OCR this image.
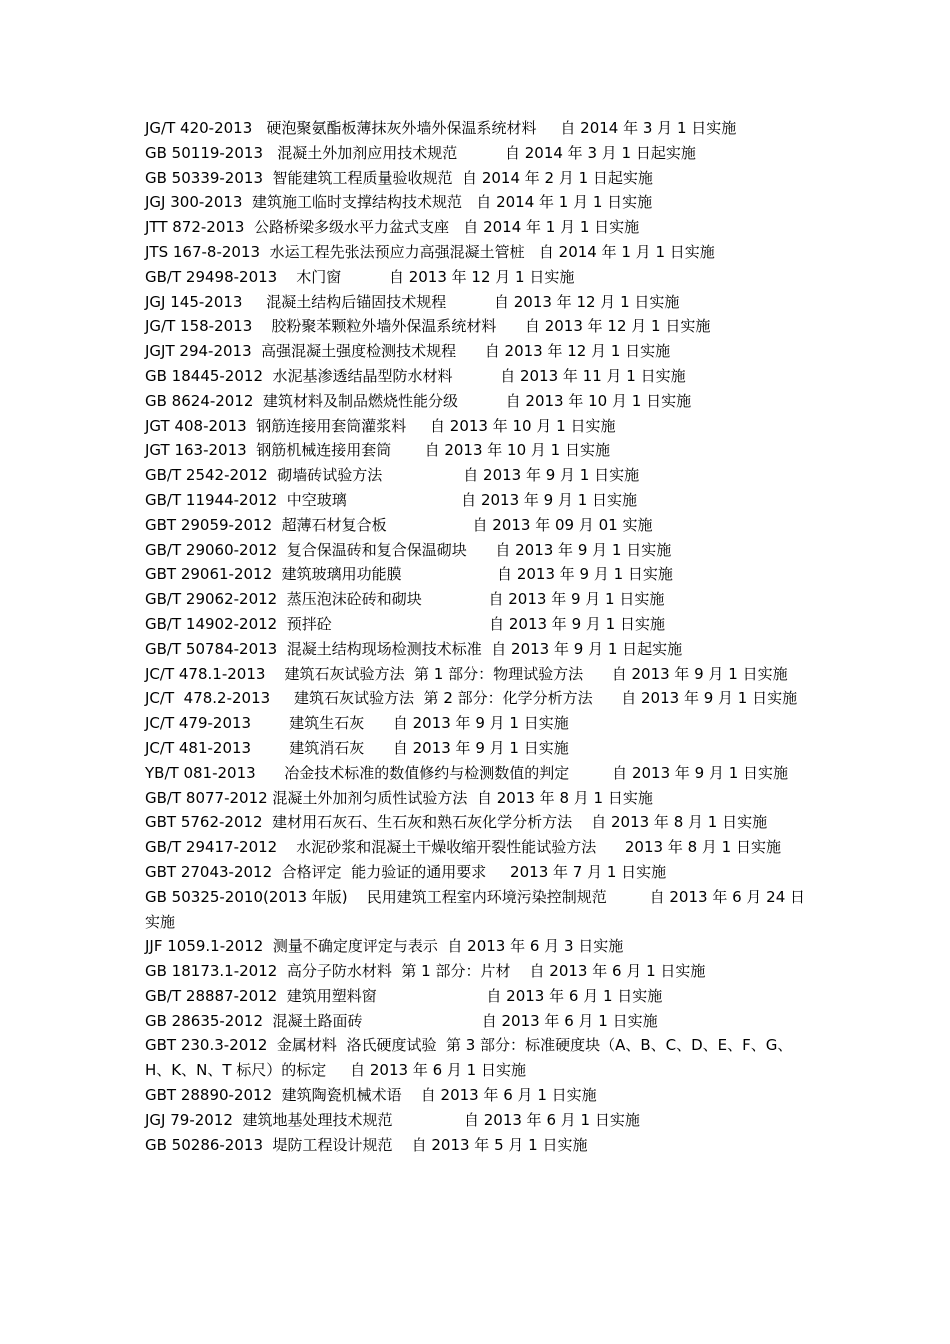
JG/T 420-2013   硬泡聚氨酯板薄抹灰外墙外保温系统材料     自 2014 年 3 月 1 日实施

GB 50119-2013   混凝土外加剂应用技术规范          自 2014 年 3 月 1 日起实施

GB 50339-2013  智能建筑工程质量验收规范  自 2014 年 2 月 1 日起实施

JGJ 300-2013  建筑施工临时支撑结构技术规范   自 2014 年 1 月 1 日实施

JTT 872-2013  公路桥梁多级水平力盆式支座   自 2014 年 1 月 1 日实施

JTS 167-8-2013  水运工程先张法预应力高强混凝土管桩   自 2014 年 1 月 1 日实施

GB/T 29498-2013    木门窗          自 2013 年 12 月 1 日实施

JGJ 145-2013     混凝土结构后锚固技术规程          自 2013 年 12 月 1 日实施

JG/T 158-2013    胶粉聚苯颗粒外墙外保温系统材料      自 2013 年 12 月 1 日实施

JGJT 294-2013  高强混凝土强度检测技术规程      自 2013 年 12 月 1 日实施

GB 18445-2012  水泥基渗透结晶型防水材料          自 2013 年 11 月 1 日实施

GB 8624-2012  建筑材料及制品燃烧性能分级          自 2013 年 10 月 1 日实施

JGT 408-2013  钢筋连接用套筒灌浆料     自 2013 年 10 月 1 日实施

JGT 163-2013  钢筋机械连接用套筒       自 2013 年 10 月 1 日实施

GB/T 2542-2012  砌墙砖试验方法                 自 2013 年 9 月 1 日实施

GB/T 11944-2012  中空玻璃                        自 2013 年 9 月 1 日实施

GBT 29059-2012  超薄石材复合板                  自 2013 年 09 月 01 实施

GB/T 29060-2012  复合保温砖和复合保温砌块      自 2013 年 9 月 1 日实施

GBT 29061-2012  建筑玻璃用功能膜                    自 2013 年 9 月 1 日实施

GB/T 29062-2012  蒸压泡沫砼砖和砌块              自 2013 年 9 月 1 日实施

GB/T 14902-2012  预拌砼                                 自 2013 年 9 月 1 日实施

GB/T 50784-2013  混凝土结构现场检测技术标准  自 2013 年 9 月 1 日起实施

JC/T 478.1-2013    建筑石灰试验方法  第 1 部分：物理试验方法      自 2013 年 9 月 1 日实施

JC/T  478.2-2013     建筑石灰试验方法  第 2 部分：化学分析方法      自 2013 年 9 月 1 日实施

JC/T 479-2013        建筑生石灰      自 2013 年 9 月 1 日实施

JC/T 481-2013        建筑消石灰      自 2013 年 9 月 1 日实施

YB/T 081-2013      冶金技术标准的数值修约与检测数值的判定         自 2013 年 9 月 1 日实施

GB/T 8077-2012 混凝土外加剂匀质性试验方法  自 2013 年 8 月 1 日实施

GBT 5762-2012  建材用石灰石、生石灰和熟石灰化学分析方法    自 2013 年 8 月 1 日实施

GB/T 29417-2012    水泥砂浆和混凝土干燥收缩开裂性能试验方法      2013 年 8 月 1 日实施

GBT 27043-2012  合格评定  能力验证的通用要求     2013 年 7 月 1 日实施

GB 50325-2010(2013 年版)    民用建筑工程室内环境污染控制规范         自 2013 年 6 月 24 日实施

JJF 1059.1-2012  测量不确定度评定与表示  自 2013 年 6 月 3 日实施

GB 18173.1-2012  高分子防水材料  第 1 部分：片材    自 2013 年 6 月 1 日实施

GB/T 28887-2012  建筑用塑料窗                       自 2013 年 6 月 1 日实施

GB 28635-2012  混凝土路面砖                         自 2013 年 6 月 1 日实施

GBT 230.3-2012  金属材料  洛氏硬度试验  第 3 部分：标准硬度块（A、B、C、D、E、F、G、H、K、N、T 标尺）的标定     自 2013 年 6 月 1 日实施

GBT 28890-2012  建筑陶瓷机械术语    自 2013 年 6 月 1 日实施

JGJ 79-2012  建筑地基处理技术规范               自 2013 年 6 月 1 日实施

GB 50286-2013  堤防工程设计规范    自 2013 年 5 月 1 日实施
